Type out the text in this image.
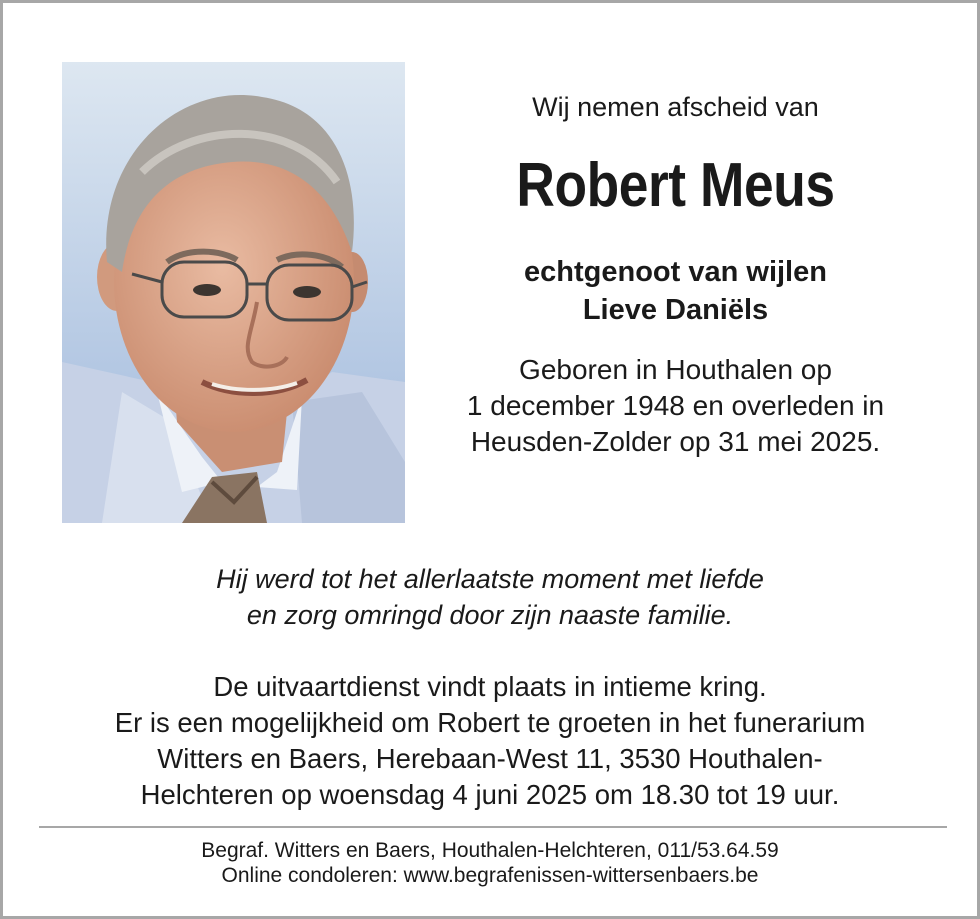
Wij nemen afscheid van

Robert Meus

echtgenoot van wijlen
Lieve Daniëls

Geboren in Houthalen op
1 december 1948 en overleden in
Heusden-Zolder op 31 mei 2025.

Hij werd tot het allerlaatste moment met liefde
en zorg omringd door zijn naaste familie.
De uitvaartdienst vindt plaats in intieme kring.
Er is een mogelijkheid om Robert te groeten in het funerarium
Witters en Baers, Herebaan-West 11, 3530 Houthalen-
Helchteren op woensdag 4 juni 2025 om 18.30 tot 19 uur.
Begraf. Witters en Baers, Houthalen-Helchteren, 011/53.64.59
Online condoleren: www.begrafenissen-wittersenbaers.be
